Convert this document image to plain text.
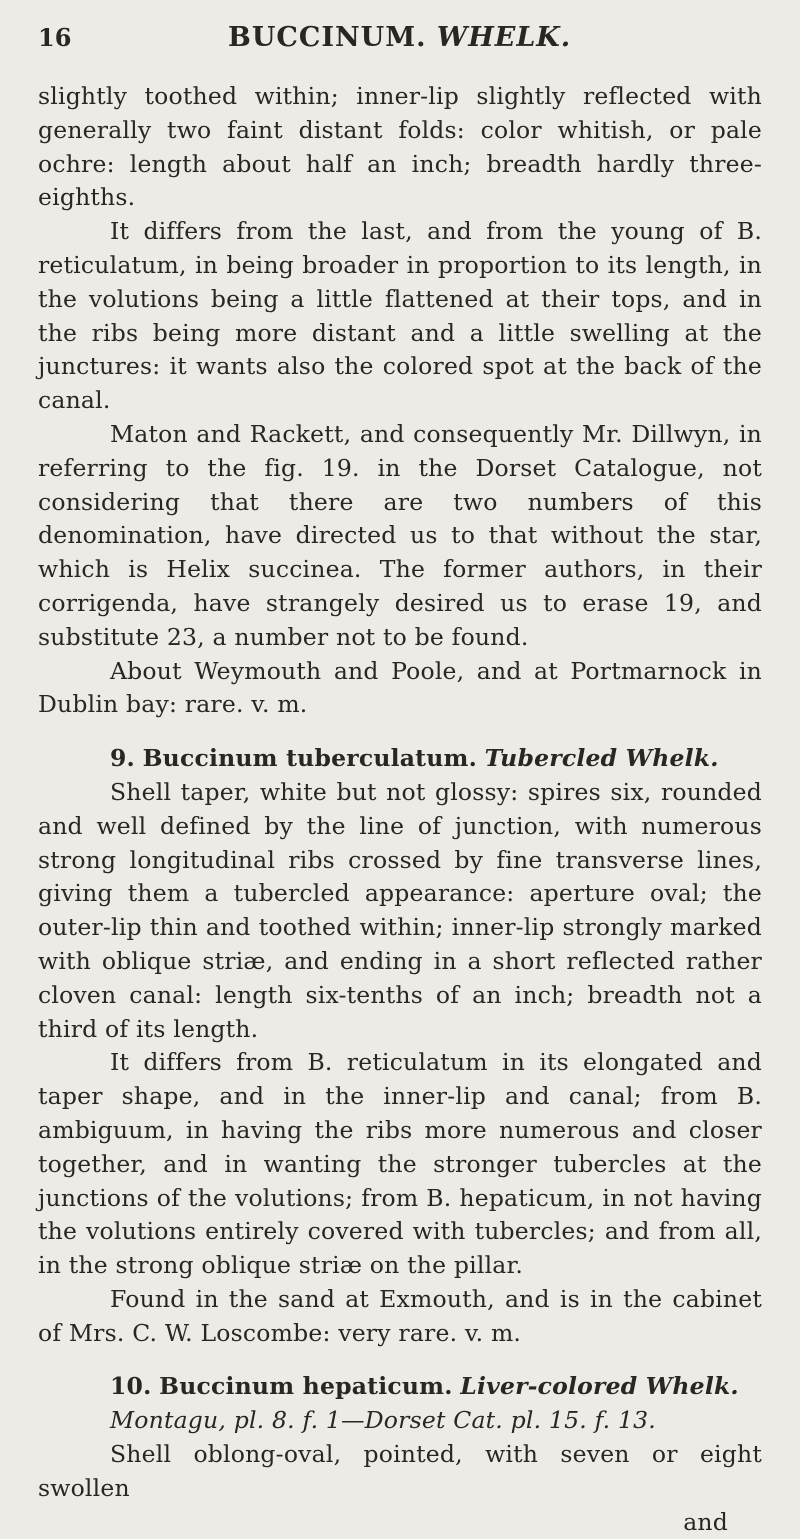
16	BUCCINUM. WHELK.

slightly toothed within; inner-lip slightly reflected with generally two faint distant folds: color whitish, or pale ochre: length about half an inch; breadth hardly three-eighths.

It differs from the last, and from the young of B. reticulatum, in being broader in proportion to its length, in the volutions being a little flattened at their tops, and in the ribs being more distant and a little swelling at the junctures: it wants also the colored spot at the back of the canal.

Maton and Rackett, and consequently Mr. Dillwyn, in referring to the fig. 19. in the Dorset Catalogue, not considering that there are two numbers of this denomination, have directed us to that without the star, which is Helix succinea. The former authors, in their corrigenda, have strangely desired us to erase 19, and substitute 23, a number not to be found.

About Weymouth and Poole, and at Portmarnock in Dublin bay: rare. v. m.

9. Buccinum tuberculatum. Tubercled Whelk.

Shell taper, white but not glossy: spires six, rounded and well defined by the line of junction, with numerous strong longitudinal ribs crossed by fine transverse lines, giving them a tubercled appearance: aperture oval; the outer-lip thin and toothed within; inner-lip strongly marked with oblique striæ, and ending in a short reflected rather cloven canal: length six-tenths of an inch; breadth not a third of its length.

It differs from B. reticulatum in its elongated and taper shape, and in the inner-lip and canal; from B. ambiguum, in having the ribs more numerous and closer together, and in wanting the stronger tubercles at the junctions of the volutions; from B. hepaticum, in not having the volutions entirely covered with tubercles; and from all, in the strong oblique striæ on the pillar.

Found in the sand at Exmouth, and is in the cabinet of Mrs. C. W. Loscombe: very rare. v. m.

10. Buccinum hepaticum. Liver-colored Whelk.

Montagu, pl. 8. f. 1—Dorset Cat. pl. 15. f. 13.

Shell oblong-oval, pointed, with seven or eight swollen

and
